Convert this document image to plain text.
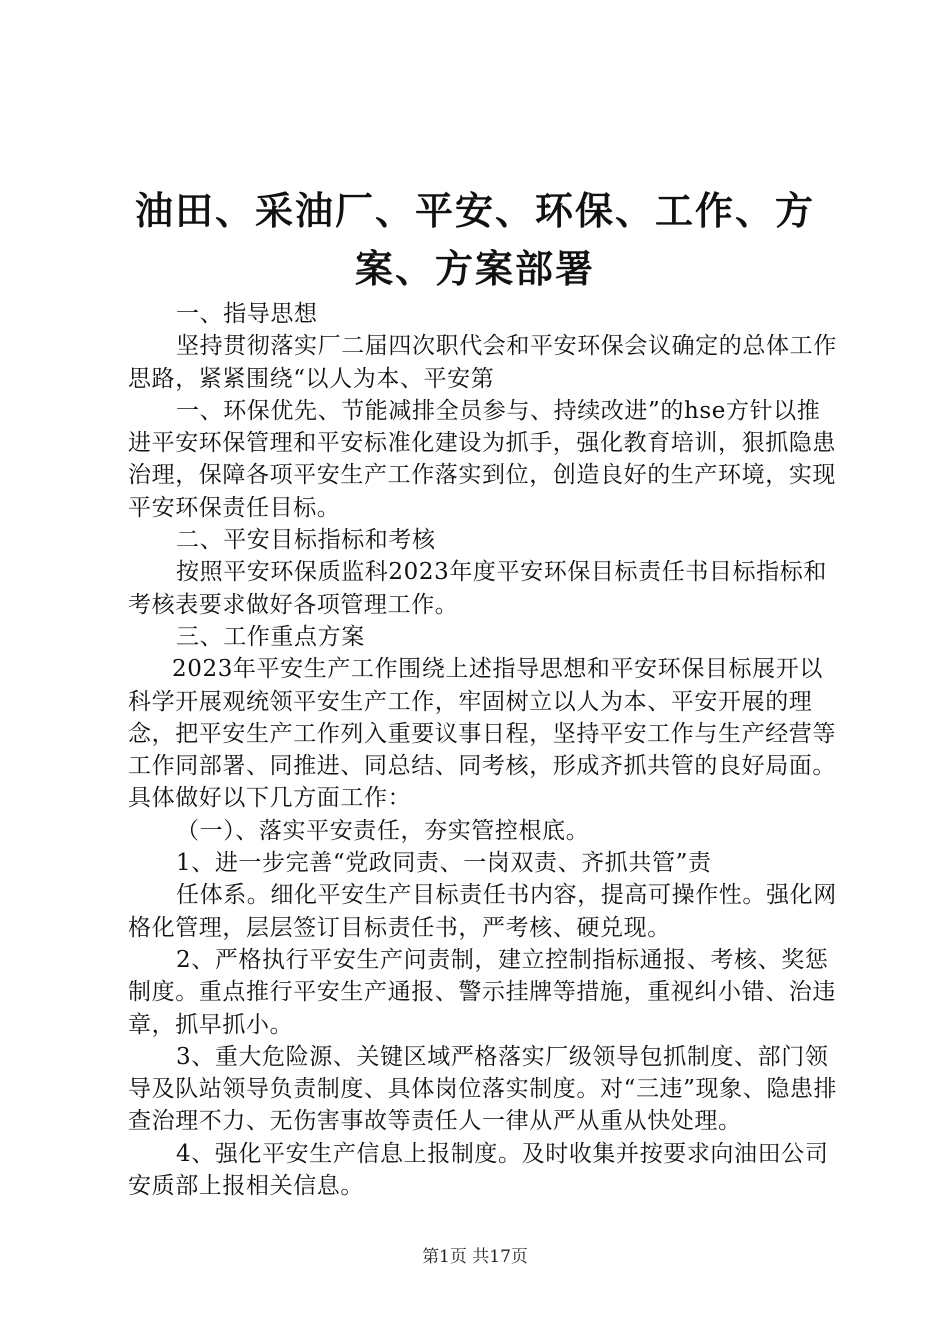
油田、采油厂、平安、环保、工作、方案、方案部署

一、指导思想

坚持贯彻落实厂二届四次职代会和平安环保会议确定的总体工作思路，紧紧围绕“以人为本、平安第

一、环保优先、节能减排全员参与、持续改进”的hse方针以推进平安环保管理和平安标准化建设为抓手，强化教育培训，狠抓隐患治理，保障各项平安生产工作落实到位，创造良好的生产环境，实现平安环保责任目标。

二、平安目标指标和考核

按照平安环保质监科2023年度平安环保目标责任书目标指标和考核表要求做好各项管理工作。

三、工作重点方案

2023年平安生产工作围绕上述指导思想和平安环保目标展开以科学开展观统领平安生产工作，牢固树立以人为本、平安开展的理念，把平安生产工作列入重要议事日程，坚持平安工作与生产经营等工作同部署、同推进、同总结、同考核，形成齐抓共管的良好局面。具体做好以下几方面工作：

（一）、落实平安责任，夯实管控根底。

1、进一步完善“党政同责、一岗双责、齐抓共管”责

任体系。细化平安生产目标责任书内容，提高可操作性。强化网格化管理，层层签订目标责任书，严考核、硬兑现。

2、严格执行平安生产问责制，建立控制指标通报、考核、奖惩制度。重点推行平安生产通报、警示挂牌等措施，重视纠小错、治违章，抓早抓小。

3、重大危险源、关键区域严格落实厂级领导包抓制度、部门领导及队站领导负责制度、具体岗位落实制度。对“三违”现象、隐患排查治理不力、无伤害事故等责任人一律从严从重从快处理。

4、强化平安生产信息上报制度。及时收集并按要求向油田公司安质部上报相关信息。

第1页 共17页
